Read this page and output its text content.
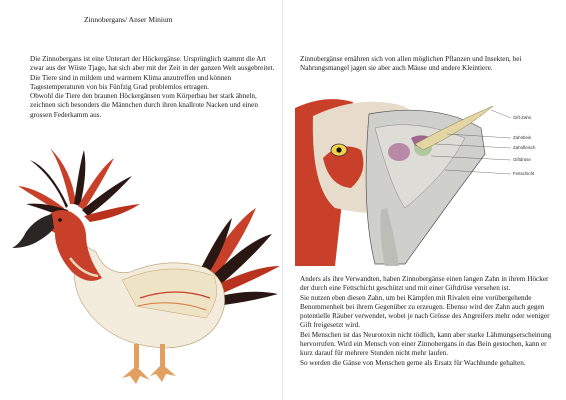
Zinnobergans/ Anser Minium

Die Zinnobergans ist eine Unterart der Höckergänse. Ursprünglich stammt die Art zwar aus der Wüste Tjago, hat sich aber mit der Zeit in der ganzen Welt ausgebreitet.

Die Tiere sind in mildem und warmem Klima anzutreffen und können Tagestemperaturen von bis Fünfzig Grad problemlos ertragen.

Obwohl die Tiere den braunen Höckergänsen vom Körperbau her stark ähneln, zeichnen sich besonders die Männchen durch ihren knallrote Nacken und einen grossen Federkamm aus.

Zinnobergänse ernähren sich von allen möglichen Pflanzen und Insekten, bei Nahrungsmangel jagen sie aber auch Mäuse und andere Kleintiere.
Gift-Zahn
Zahnbein
Zahnfleisch
Giftdrüse
Fettschicht

Anders als ihre Verwandten, haben Zinnobergänse einen langen Zahn in ihrem Höcker der durch eine Fettschicht geschützt und mit einer Giftdrüse versehen ist.

Sie nutzen eben diesen Zahn, um bei Kämpfen mit Rivalen eine vorübergehende Benommenheit bei ihrem Gegenüber zu erzeugen. Ebenso wird der Zahn auch gegen potentielle Räuber verwendet, wobei je nach Grösse des Angreifers mehr oder weniger Gift freigesetzt wird.

Bei Menschen ist das Neurotoxin nicht tödlich, kann aber starke Lähmungserscheinung hervorrufen. Wird ein Mensch von einer Zinnobergans in das Bein gestochen, kann er kurz darauf für mehrere Stunden nicht mehr laufen.

So werden die Gänse von Menschen gerne als Ersatz für Wachhunde gehalten.
